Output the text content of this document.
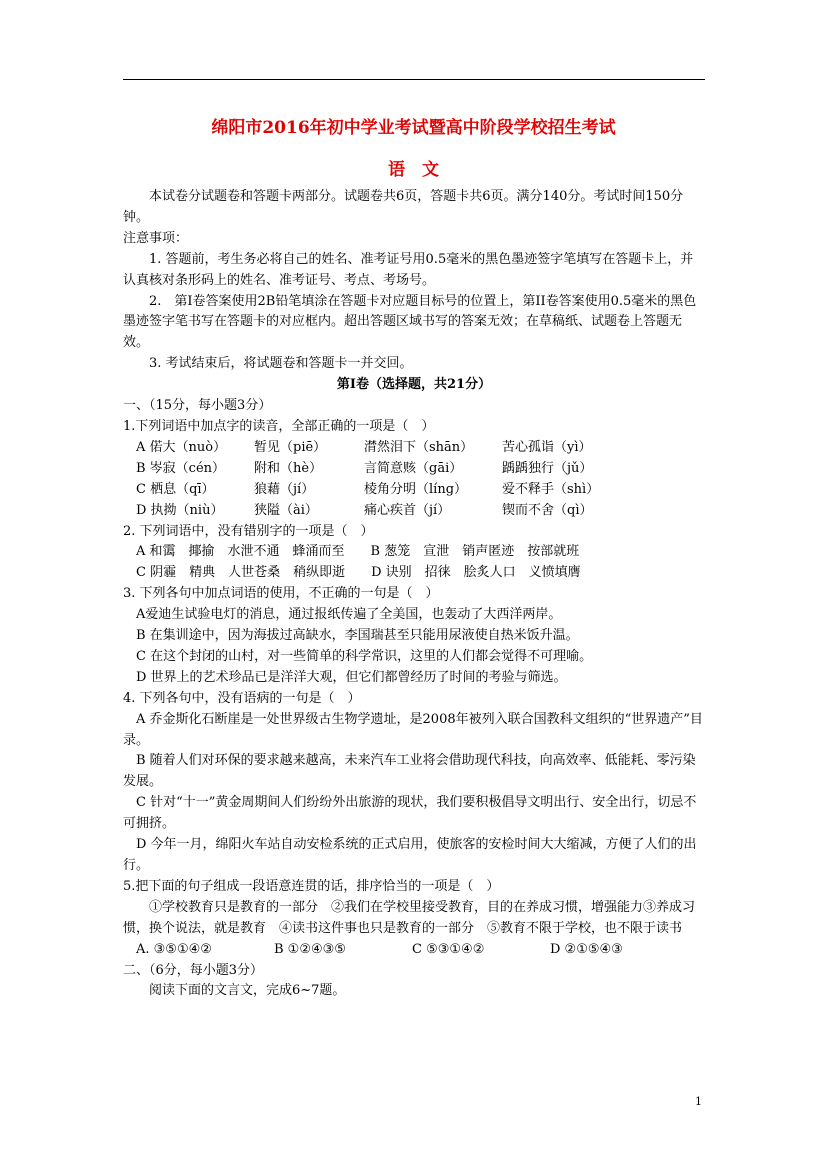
绵阳市2016年初中学业考试暨高中阶段学校招生考试
语　文

本试卷分试题卷和答题卡两部分。试题卷共6页，答题卡共6页。满分140分。考试时间150分钟。

注意事项：

1. 答题前，考生务必将自己的姓名、准考证号用0.5毫米的黑色墨迹签字笔填写在答题卡上，并认真核对条形码上的姓名、准考证号、考点、考场号。

2.　第Ⅰ卷答案使用2B铅笔填涂在答题卡对应题目标号的位置上，第II卷答案使用0.5毫米的黑色墨迹签字笔书写在答题卡的对应框内。超出答题区域书写的答案无效；在草稿纸、试题卷上答题无效。

3. 考试结束后，将试题卷和答题卡一并交回。

第Ⅰ卷（选择题，共21分）

一、（15分，每小题3分）

1.下列词语中加点字的读音，全部正确的一项是（　）

A 偌大（nuò） 暂见（piē）	潸然泪下（shān） 苦心孤诣（yì）
B 岑寂（cén） 附和（hè）	言简意赅（gāi）	踽踽独行（jǔ）
C 栖息（qī）	狼藉（jí）	棱角分明（líng）	爱不释手（shì）
D 执拗（niù） 狭隘（ài）	痛心疾首（jí）	锲而不舍（qì）

2. 下列词语中，没有错别字的一项是（　）

A 和霭　揶揄　水泄不通　蜂涌而至　　B 葱笼　宣泄　销声匿迹　按部就班

C 阴霾　精典　人世苍桑　稍纵即逝　　D 诀别　招徕　脍炙人口　义愤填膺

3. 下列各句中加点词语的使用，不正确的一句是（　）

A爱迪生试验电灯的消息，通过报纸传遍了全美国，也轰动了大西洋两岸。

B 在集训途中，因为海拔过高缺水，李国瑞甚至只能用尿液使自热米饭升温。

C 在这个封闭的山村，对一些简单的科学常识，这里的人们都会觉得不可理喻。

D 世界上的艺术珍品已是洋洋大观，但它们都曾经历了时间的考验与筛选。

4. 下列各句中，没有语病的一句是（　）

A 乔金斯化石断崖是一处世界级古生物学遗址，是2008年被列入联合国教科文组织的“世界遗产”目录。

B 随着人们对环保的要求越来越高，未来汽车工业将会借助现代科技，向高效率、低能耗、零污染发展。

C 针对“十一”黄金周期间人们纷纷外出旅游的现状，我们要积极倡导文明出行、安全出行，切忌不可拥挤。

D 今年一月，绵阳火车站自动安检系统的正式启用，使旅客的安检时间大大缩减，方便了人们的出行。

5.把下面的句子组成一段语意连贯的话，排序恰当的一项是（　）

①学校教育只是教育的一部分　②我们在学校里接受教育，目的在养成习惯，增强能力③养成习惯，换个说法，就是教育　④读书这件事也只是教育的一部分　⑤教育不限于学校，也不限于读书

A. ③⑤①④②	B ①②④③⑤	C ⑤③①④②	D ②①⑤④③

二、（6分，每小题3分）

阅读下面的文言文，完成6~7题。

1
